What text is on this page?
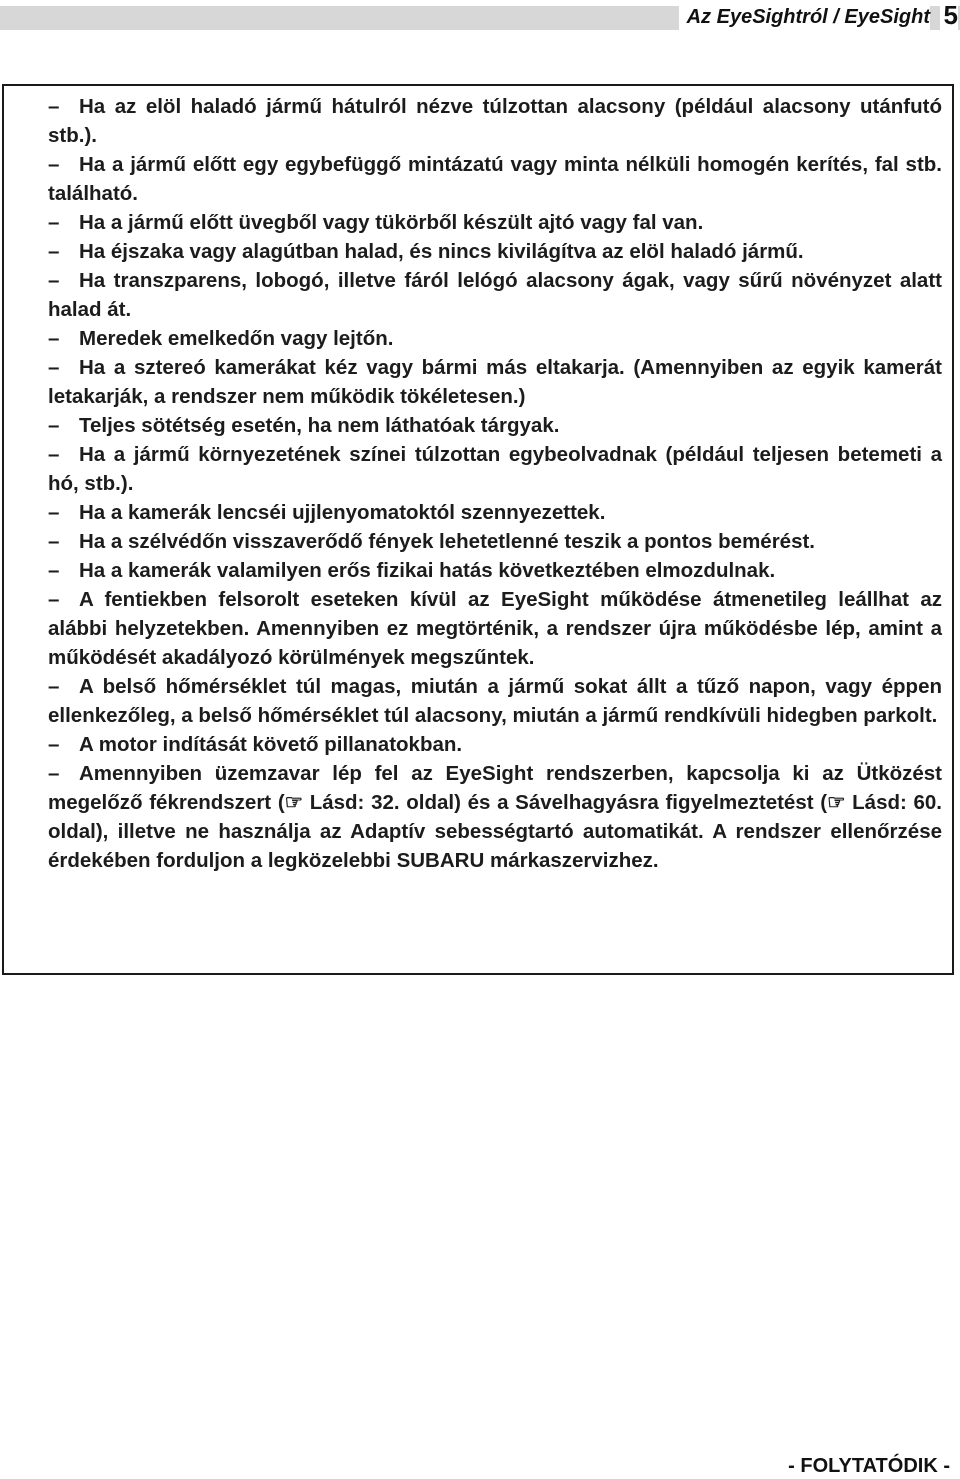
Az EyeSightról / EyeSight 5

– Ha az elöl haladó jármű hátulról nézve túlzottan alacsony (például alacsony utánfutó stb.).

– Ha a jármű előtt egy egybefüggő mintázatú vagy minta nélküli homogén kerítés, fal stb. található.

– Ha a jármű előtt üvegből vagy tükörből készült ajtó vagy fal van.

– Ha éjszaka vagy alagútban halad, és nincs kivilágítva az elöl haladó jármű.

– Ha transzparens, lobogó, illetve fáról lelógó alacsony ágak, vagy sűrű növényzet alatt halad át.

– Meredek emelkedőn vagy lejtőn.

– Ha a sztereó kamerákat kéz vagy bármi más eltakarja. (Amennyiben az egyik kamerát letakarják, a rendszer nem működik tökéletesen.)

– Teljes sötétség esetén, ha nem láthatóak tárgyak.

– Ha a jármű környezetének színei túlzottan egybeolvadnak (például teljesen betemeti a hó, stb.).

– Ha a kamerák lencséi ujjlenyomatoktól szennyezettek.

– Ha a szélvédőn visszaverődő fények lehetetlenné teszik a pontos bemérést.

– Ha a kamerák valamilyen erős fizikai hatás következtében elmozdulnak.

– A fentiekben felsorolt eseteken kívül az EyeSight működése átmenetileg leállhat az alábbi helyzetekben. Amennyiben ez megtörténik, a rendszer újra működésbe lép, amint a működését akadályozó körülmények megszűntek.

– A belső hőmérséklet túl magas, miután a jármű sokat állt a tűző napon, vagy éppen ellenkezőleg, a belső hőmérséklet túl alacsony, miután a jármű rendkívüli hidegben parkolt.

– A motor indítását követő pillanatokban.

– Amennyiben üzemzavar lép fel az EyeSight rendszerben, kapcsolja ki az Ütközést megelőző fékrendszert (☞ Lásd: 32. oldal) és a Sávelhagyásra figyelmeztetést (☞ Lásd: 60. oldal), illetve ne használja az Adaptív sebességtartó automatikát. A rendszer ellenőrzése érdekében forduljon a legközelebbi SUBARU márkaszervizhez.

- FOLYTATÓDIK -
